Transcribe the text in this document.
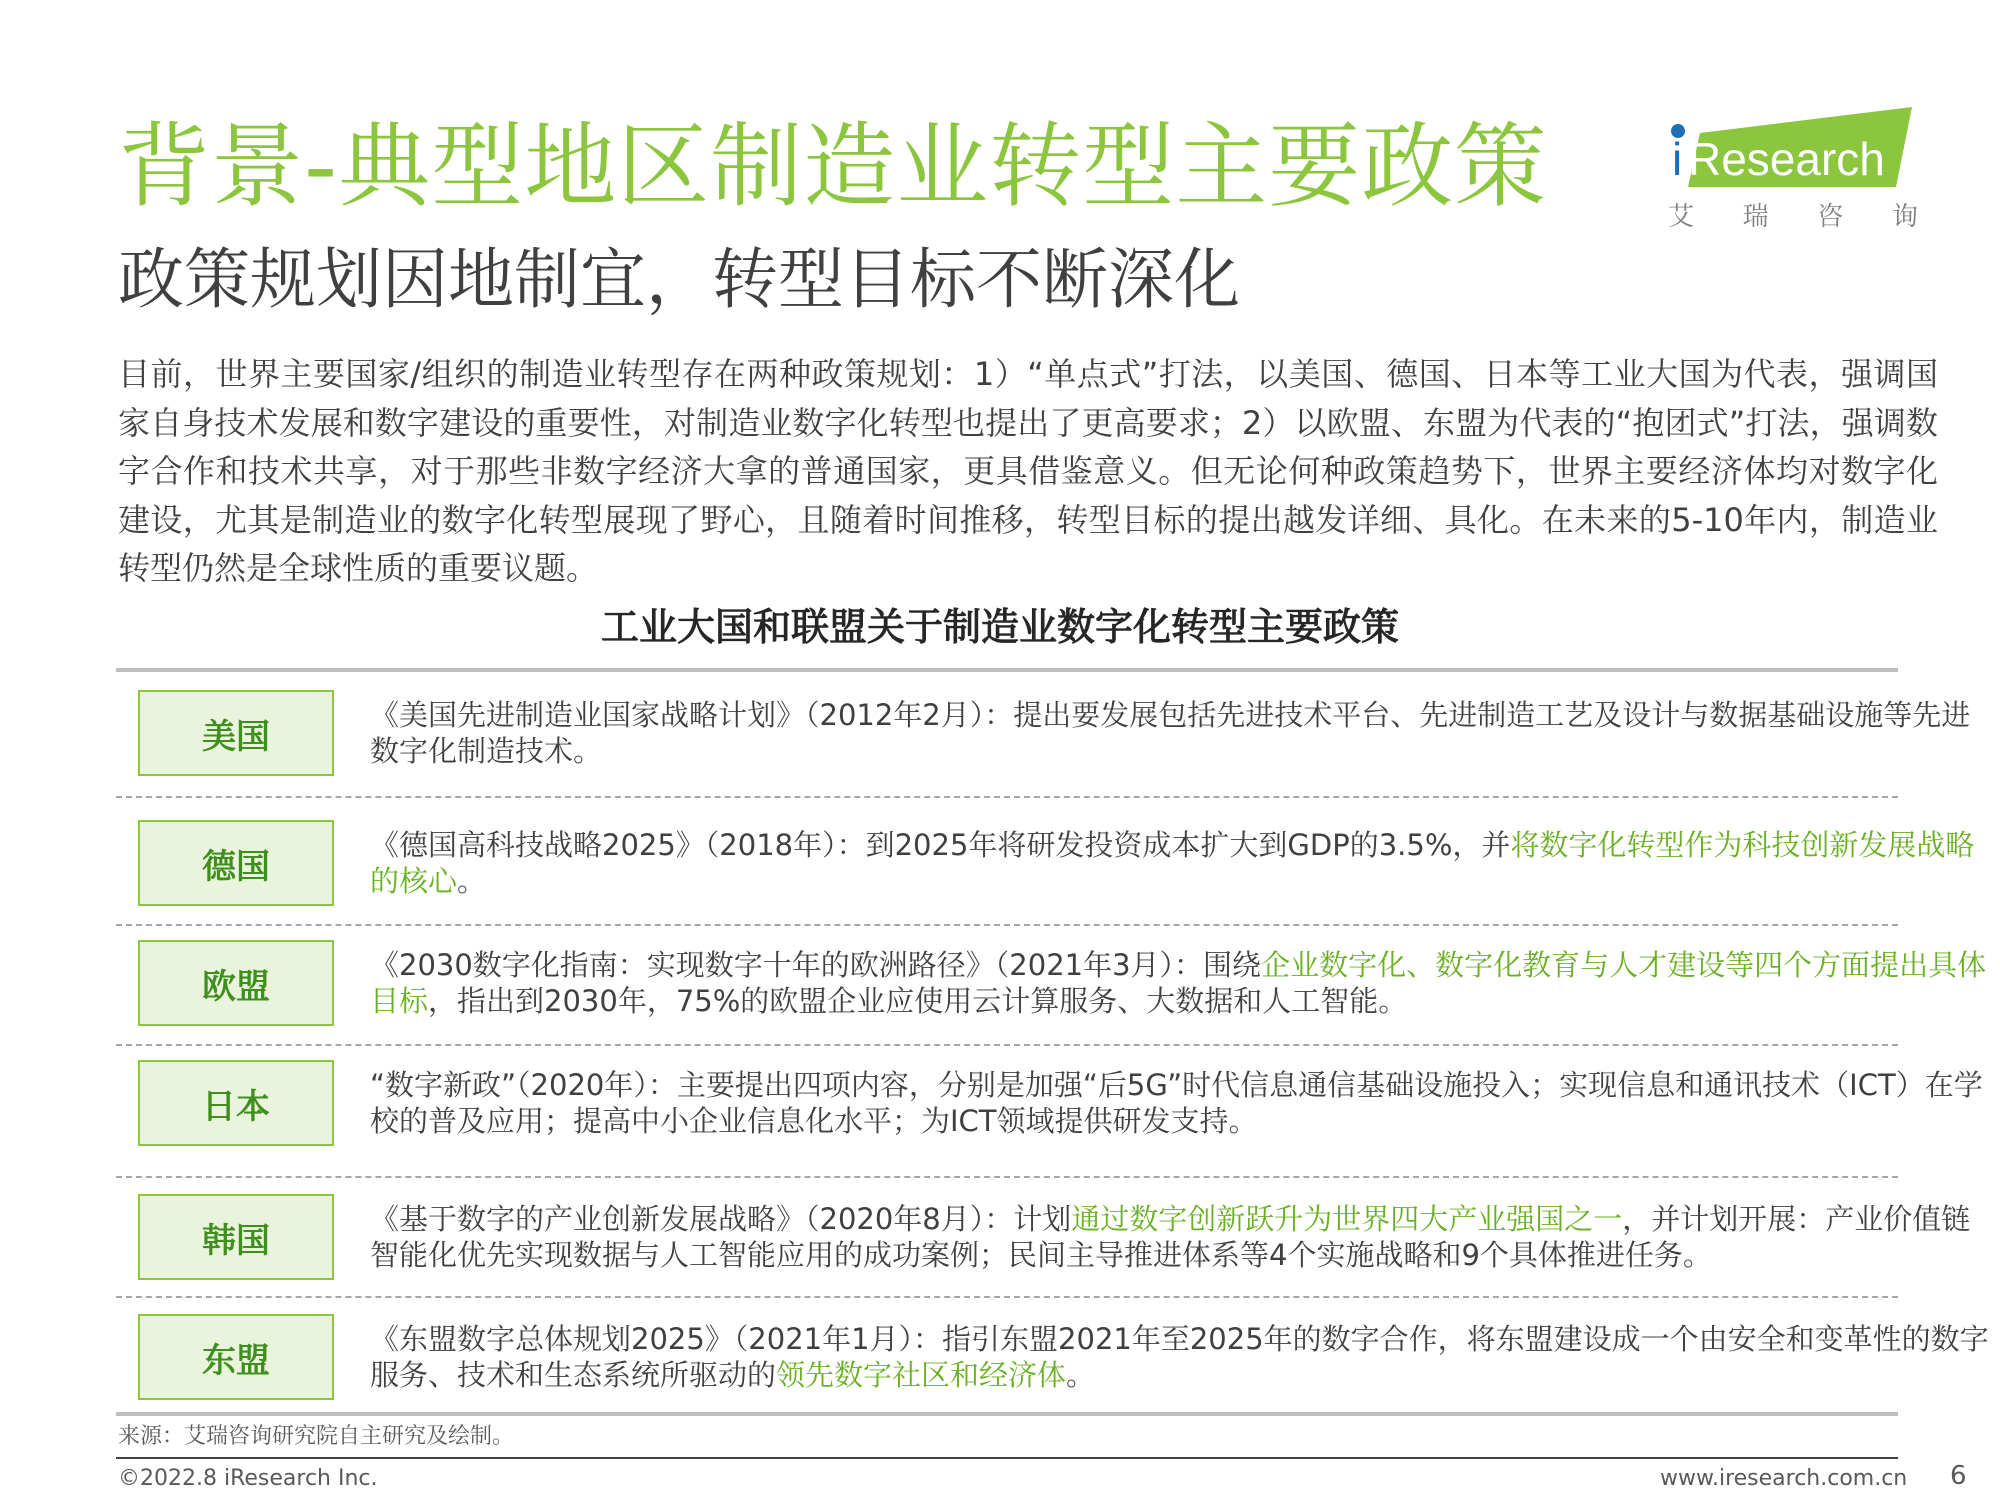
背景-典型地区制造业转型主要政策
政策规划因地制宜，转型目标不断深化
i Research
艾 瑞 咨 询
目前，世界主要国家/组织的制造业转型存在两种政策规划：1）“单点式”打法，以美国、德国、日本等工业大国为代表，强调国家自身技术发展和数字建设的重要性，对制造业数字化转型也提出了更高要求；2）以欧盟、东盟为代表的“抱团式”打法，强调数字合作和技术共享，对于那些非数字经济大拿的普通国家，更具借鉴意义。但无论何种政策趋势下，世界主要经济体均对数字化建设，尤其是制造业的数字化转型展现了野心，且随着时间推移，转型目标的提出越发详细、具化。在未来的5-10年内，制造业转型仍然是全球性质的重要议题。
工业大国和联盟关于制造业数字化转型主要政策
美国
《美国先进制造业国家战略计划》（2012年2月）：提出要发展包括先进技术平台、先进制造工艺及设计与数据基础设施等先进数字化制造技术。
德国
《德国高科技战略2025》（2018年）：到2025年将研发投资成本扩大到GDP的3.5%，并将数字化转型作为科技创新发展战略的核心。
欧盟
《2030数字化指南：实现数字十年的欧洲路径》（2021年3月）：围绕企业数字化、数字化教育与人才建设等四个方面提出具体目标，指出到2030年，75%的欧盟企业应使用云计算服务、大数据和人工智能。
日本
“数字新政”（2020年）：主要提出四项内容，分别是加强“后5G”时代信息通信基础设施投入；实现信息和通讯技术（ICT）在学校的普及应用；提高中小企业信息化水平；为ICT领域提供研发支持。
韩国
《基于数字的产业创新发展战略》（2020年8月）：计划通过数字创新跃升为世界四大产业强国之一，并计划开展：产业价值链智能化优先实现数据与人工智能应用的成功案例；民间主导推进体系等4个实施战略和9个具体推进任务。
东盟
《东盟数字总体规划2025》（2021年1月）：指引东盟2021年至2025年的数字合作，将东盟建设成一个由安全和变革性的数字服务、技术和生态系统所驱动的领先数字社区和经济体。
来源：艾瑞咨询研究院自主研究及绘制。
©2022.8 iResearch Inc.	www.iresearch.com.cn 6
